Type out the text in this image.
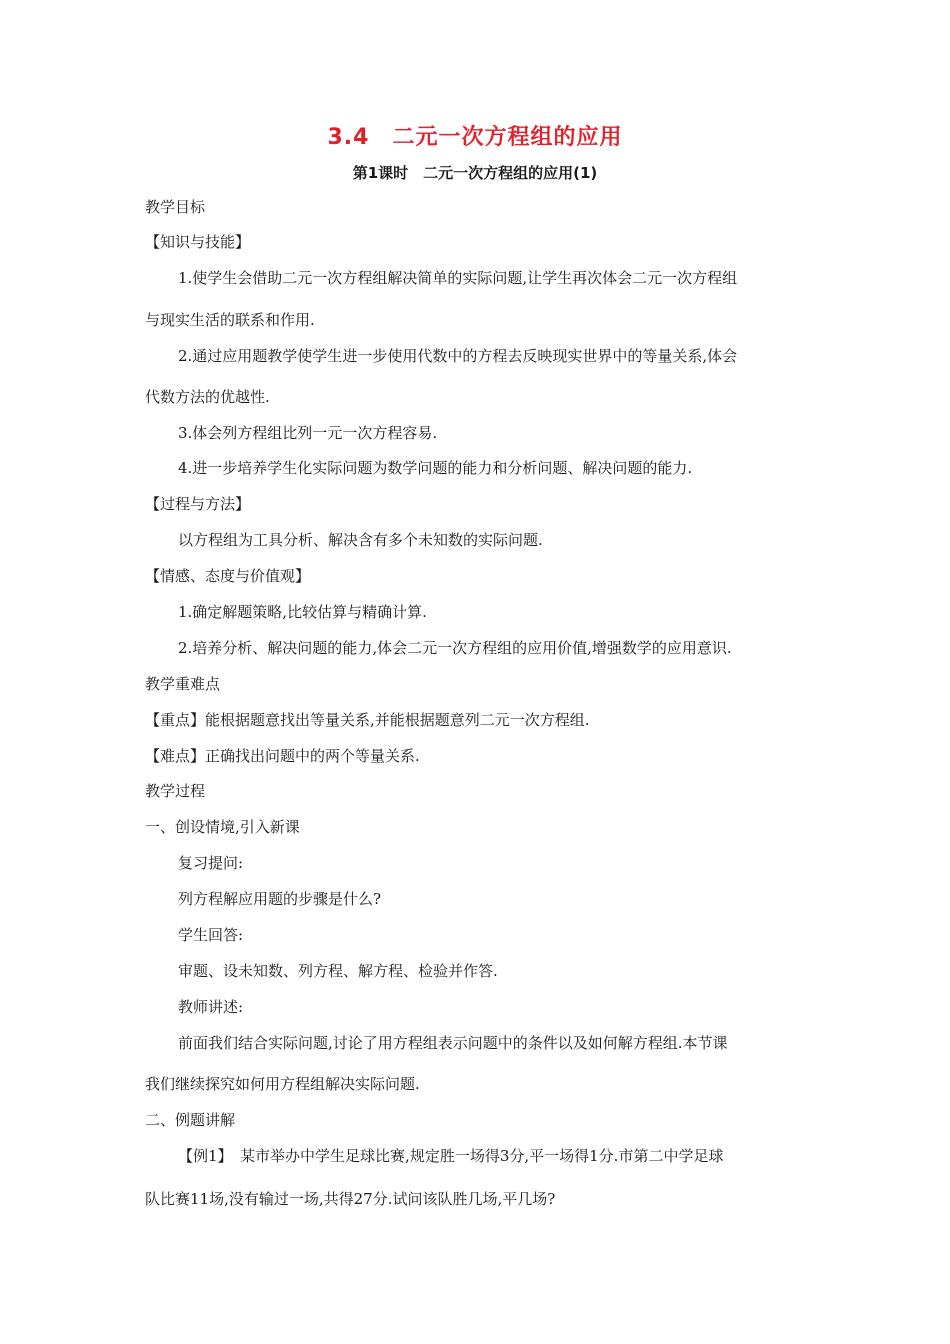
3.4　二元一次方程组的应用
第1课时　二元一次方程组的应用(1)
教学目标
【知识与技能】
1.使学生会借助二元一次方程组解决简单的实际问题,让学生再次体会二元一次方程组
与现实生活的联系和作用.
2.通过应用题教学使学生进一步使用代数中的方程去反映现实世界中的等量关系,体会
代数方法的优越性.
3.体会列方程组比列一元一次方程容易.
4.进一步培养学生化实际问题为数学问题的能力和分析问题、解决问题的能力.
【过程与方法】
以方程组为工具分析、解决含有多个未知数的实际问题.
【情感、态度与价值观】
1.确定解题策略,比较估算与精确计算.
2.培养分析、解决问题的能力,体会二元一次方程组的应用价值,增强数学的应用意识.
教学重难点
【重点】能根据题意找出等量关系,并能根据题意列二元一次方程组.
【难点】正确找出问题中的两个等量关系.
教学过程
一、创设情境,引入新课
复习提问:
列方程解应用题的步骤是什么?
学生回答:
审题、设未知数、列方程、解方程、检验并作答.
教师讲述:
前面我们结合实际问题,讨论了用方程组表示问题中的条件以及如何解方程组.本节课
我们继续探究如何用方程组解决实际问题.
二、例题讲解
【例1】　某市举办中学生足球比赛,规定胜一场得3分,平一场得1分.市第二中学足球
队比赛11场,没有输过一场,共得27分.试问该队胜几场,平几场?
